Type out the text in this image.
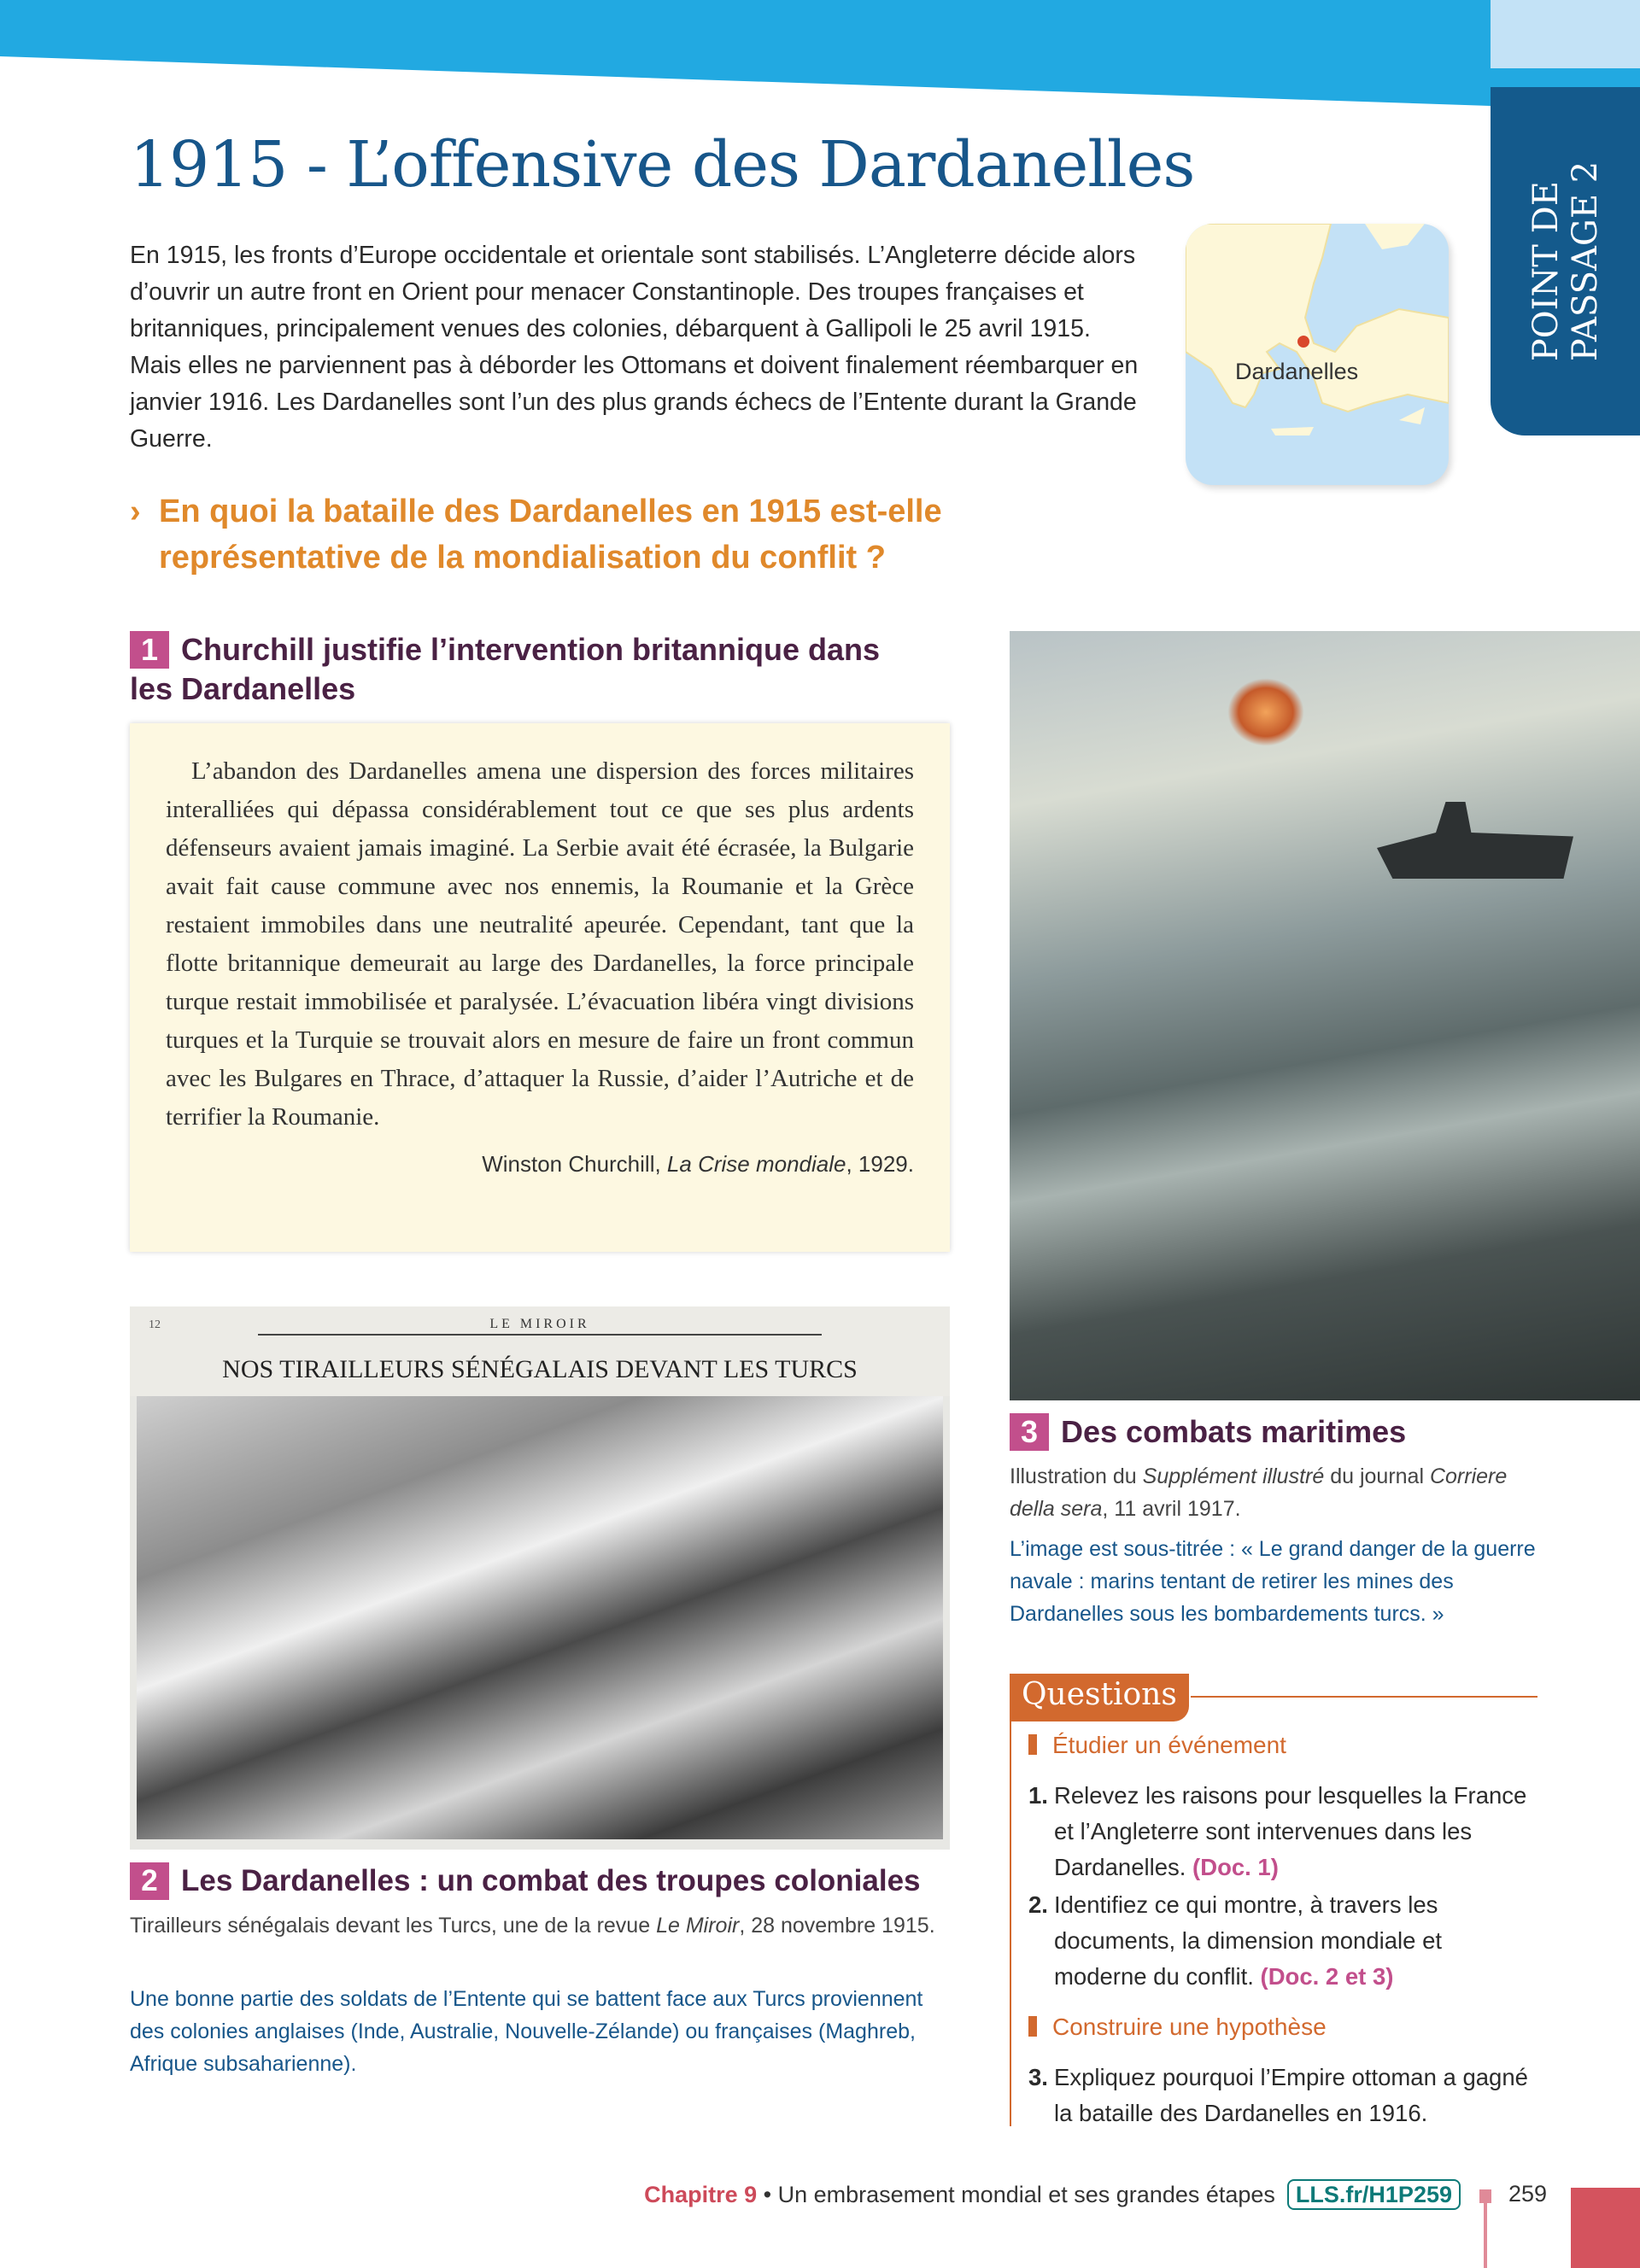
POINT DE PASSAGE 2
1915 - L’offensive des Dardanelles

En 1915, les fronts d’Europe occidentale et orientale sont stabilisés. L’Angleterre décide alors d’ouvrir un autre front en Orient pour menacer Constantinople. Des troupes françaises et britanniques, principalement venues des colonies, débarquent à Gallipoli le 25 avril 1915. Mais elles ne parviennent pas à déborder les Ottomans et doivent finalement réembarquer en janvier 1916. Les Dardanelles sont l’un des plus grands échecs de l’Entente durant la Grande Guerre.

Dardanelles
› En quoi la bataille des Dardanelles en 1915 est-elle représentative de la mondialisation du conflit ?
1 Churchill justifie l’intervention britannique dans les Dardanelles

L’abandon des Dardanelles amena une dispersion des forces militaires interalliées qui dépassa considérablement tout ce que ses plus ardents défenseurs avaient jamais imaginé. La Serbie avait été écrasée, la Bulgarie avait fait cause commune avec nos ennemis, la Roumanie et la Grèce restaient immobiles dans une neutralité apeurée. Cependant, tant que la flotte britannique demeurait au large des Dardanelles, la force principale turque restait immobilisée et paralysée. L’évacuation libéra vingt divisions turques et la Turquie se trouvait alors en mesure de faire un front commun avec les Bulgares en Thrace, d’attaquer la Russie, d’aider l’Autriche et de terrifier la Roumanie.

Winston Churchill, La Crise mondiale, 1929.

12	LE MIROIR
NOS TIRAILLEURS SÉNÉGALAIS DEVANT LES TURCS
2 Les Dardanelles : un combat des troupes coloniales

Tirailleurs sénégalais devant les Turcs, une de la revue Le Miroir, 28 novembre 1915.

Une bonne partie des soldats de l’Entente qui se battent face aux Turcs proviennent des colonies anglaises (Inde, Australie, Nouvelle-Zélande) ou françaises (Maghreb, Afrique subsaharienne).

3 Des combats maritimes

Illustration du Supplément illustré du journal Corriere della sera, 11 avril 1917.

L’image est sous-titrée : « Le grand danger de la guerre navale : marins tentant de retirer les mines des Dardanelles sous les bombardements turcs. »

Questions
Étudier un événement
1. Relevez les raisons pour lesquelles la France et l’Angleterre sont intervenues dans les Dardanelles. (Doc. 1)
2. Identifiez ce qui montre, à travers les documents, la dimension mondiale et moderne du conflit. (Doc. 2 et 3)
Construire une hypothèse
3. Expliquez pourquoi l’Empire ottoman a gagné la bataille des Dardanelles en 1916.
Chapitre 9 • Un embrasement mondial et ses grandes étapes LLS.fr/H1P259	259
